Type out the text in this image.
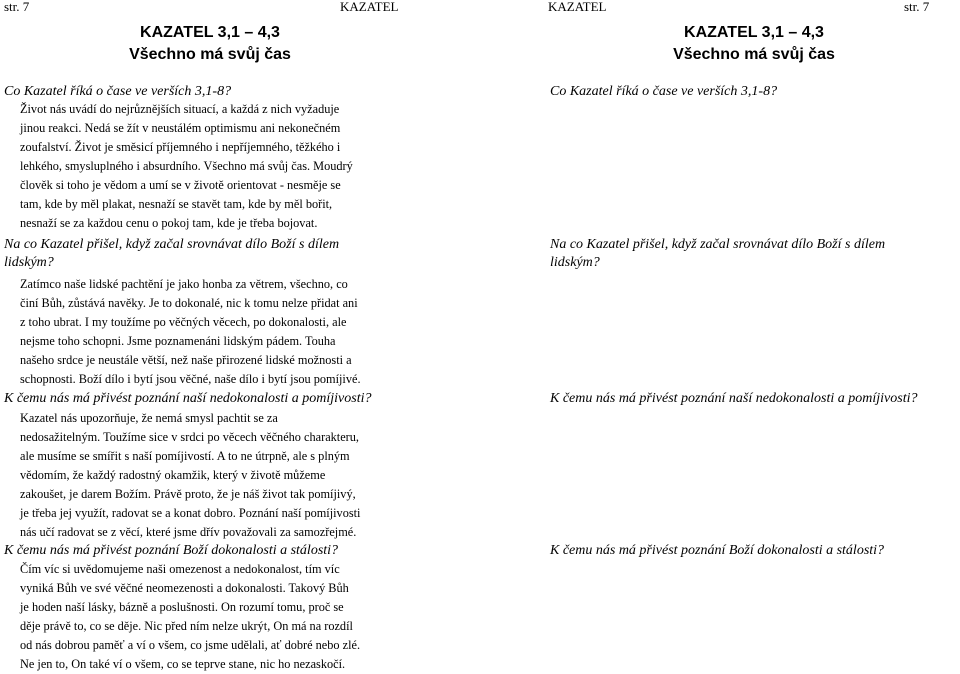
str. 7	KAZATEL
KAZATEL 3,1 – 4,3
Všechno má svůj čas
Co Kazatel říká o čase ve verších 3,1-8?
Život nás uvádí do nejrůznějších situací, a každá z nich vyžaduje
jinou reakci. Nedá se žít v neustálém optimismu ani nekonečném
zoufalství. Život je směsicí příjemného i nepříjemného, těžkého i
lehkého, smysluplného i absurdního. Všechno má svůj čas. Moudrý
člověk si toho je vědom a umí se v životě orientovat - nesměje se
tam, kde by měl plakat, nesnaží se stavět tam, kde by měl bořit,
nesnaží se za každou cenu o pokoj tam, kde je třeba bojovat.
Na co Kazatel přišel, když začal srovnávat dílo Boží s dílem
lidským?
Zatímco naše lidské pachtění je jako honba za větrem, všechno, co
činí Bůh, zůstává navěky. Je to dokonalé, nic k tomu nelze přidat ani
z toho ubrat. I my toužíme po věčných věcech, po dokonalosti, ale
nejsme toho schopni. Jsme poznamenáni lidským pádem. Touha
našeho srdce je neustále větší, než naše přirozené lidské možnosti a
schopnosti. Boží dílo i bytí jsou věčné, naše dílo i bytí jsou pomíjivé.
K čemu nás má přivést poznání naší nedokonalosti a pomíjivosti?
Kazatel nás upozorňuje, že nemá smysl pachtit se za
nedosažitelným. Toužíme sice v srdci po věcech věčného charakteru,
ale musíme se smířit s naší pomíjivostí. A to ne útrpně, ale s plným
vědomím, že každý radostný okamžik, který v životě můžeme
zakoušet, je darem Božím. Právě proto, že je náš život tak pomíjivý,
je třeba jej využít, radovat se a konat dobro. Poznání naší pomíjivosti
nás učí radovat se z věcí, které jsme dřív považovali za samozřejmé.
K čemu nás má přivést poznání Boží dokonalosti a stálosti?
Čím víc si uvědomujeme naši omezenost a nedokonalost, tím víc
vyniká Bůh ve své věčné neomezenosti a dokonalosti. Takový Bůh
je hoden naší lásky, bázně a poslušnosti. On rozumí tomu, proč se
děje právě to, co se děje. Nic před ním nelze ukrýt, On má na rozdíl
od nás dobrou paměť a ví o všem, co jsme udělali, ať dobré nebo zlé.
Ne jen to, On také ví o všem, co se teprve stane, nic ho nezaskočí.
KAZATEL	str. 7
KAZATEL 3,1 – 4,3
Všechno má svůj čas
Co Kazatel říká o čase ve verších 3,1-8?
Na co Kazatel přišel, když začal srovnávat dílo Boží s dílem
lidským?
K čemu nás má přivést poznání naší nedokonalosti a pomíjivosti?
K čemu nás má přivést poznání Boží dokonalosti a stálosti?
